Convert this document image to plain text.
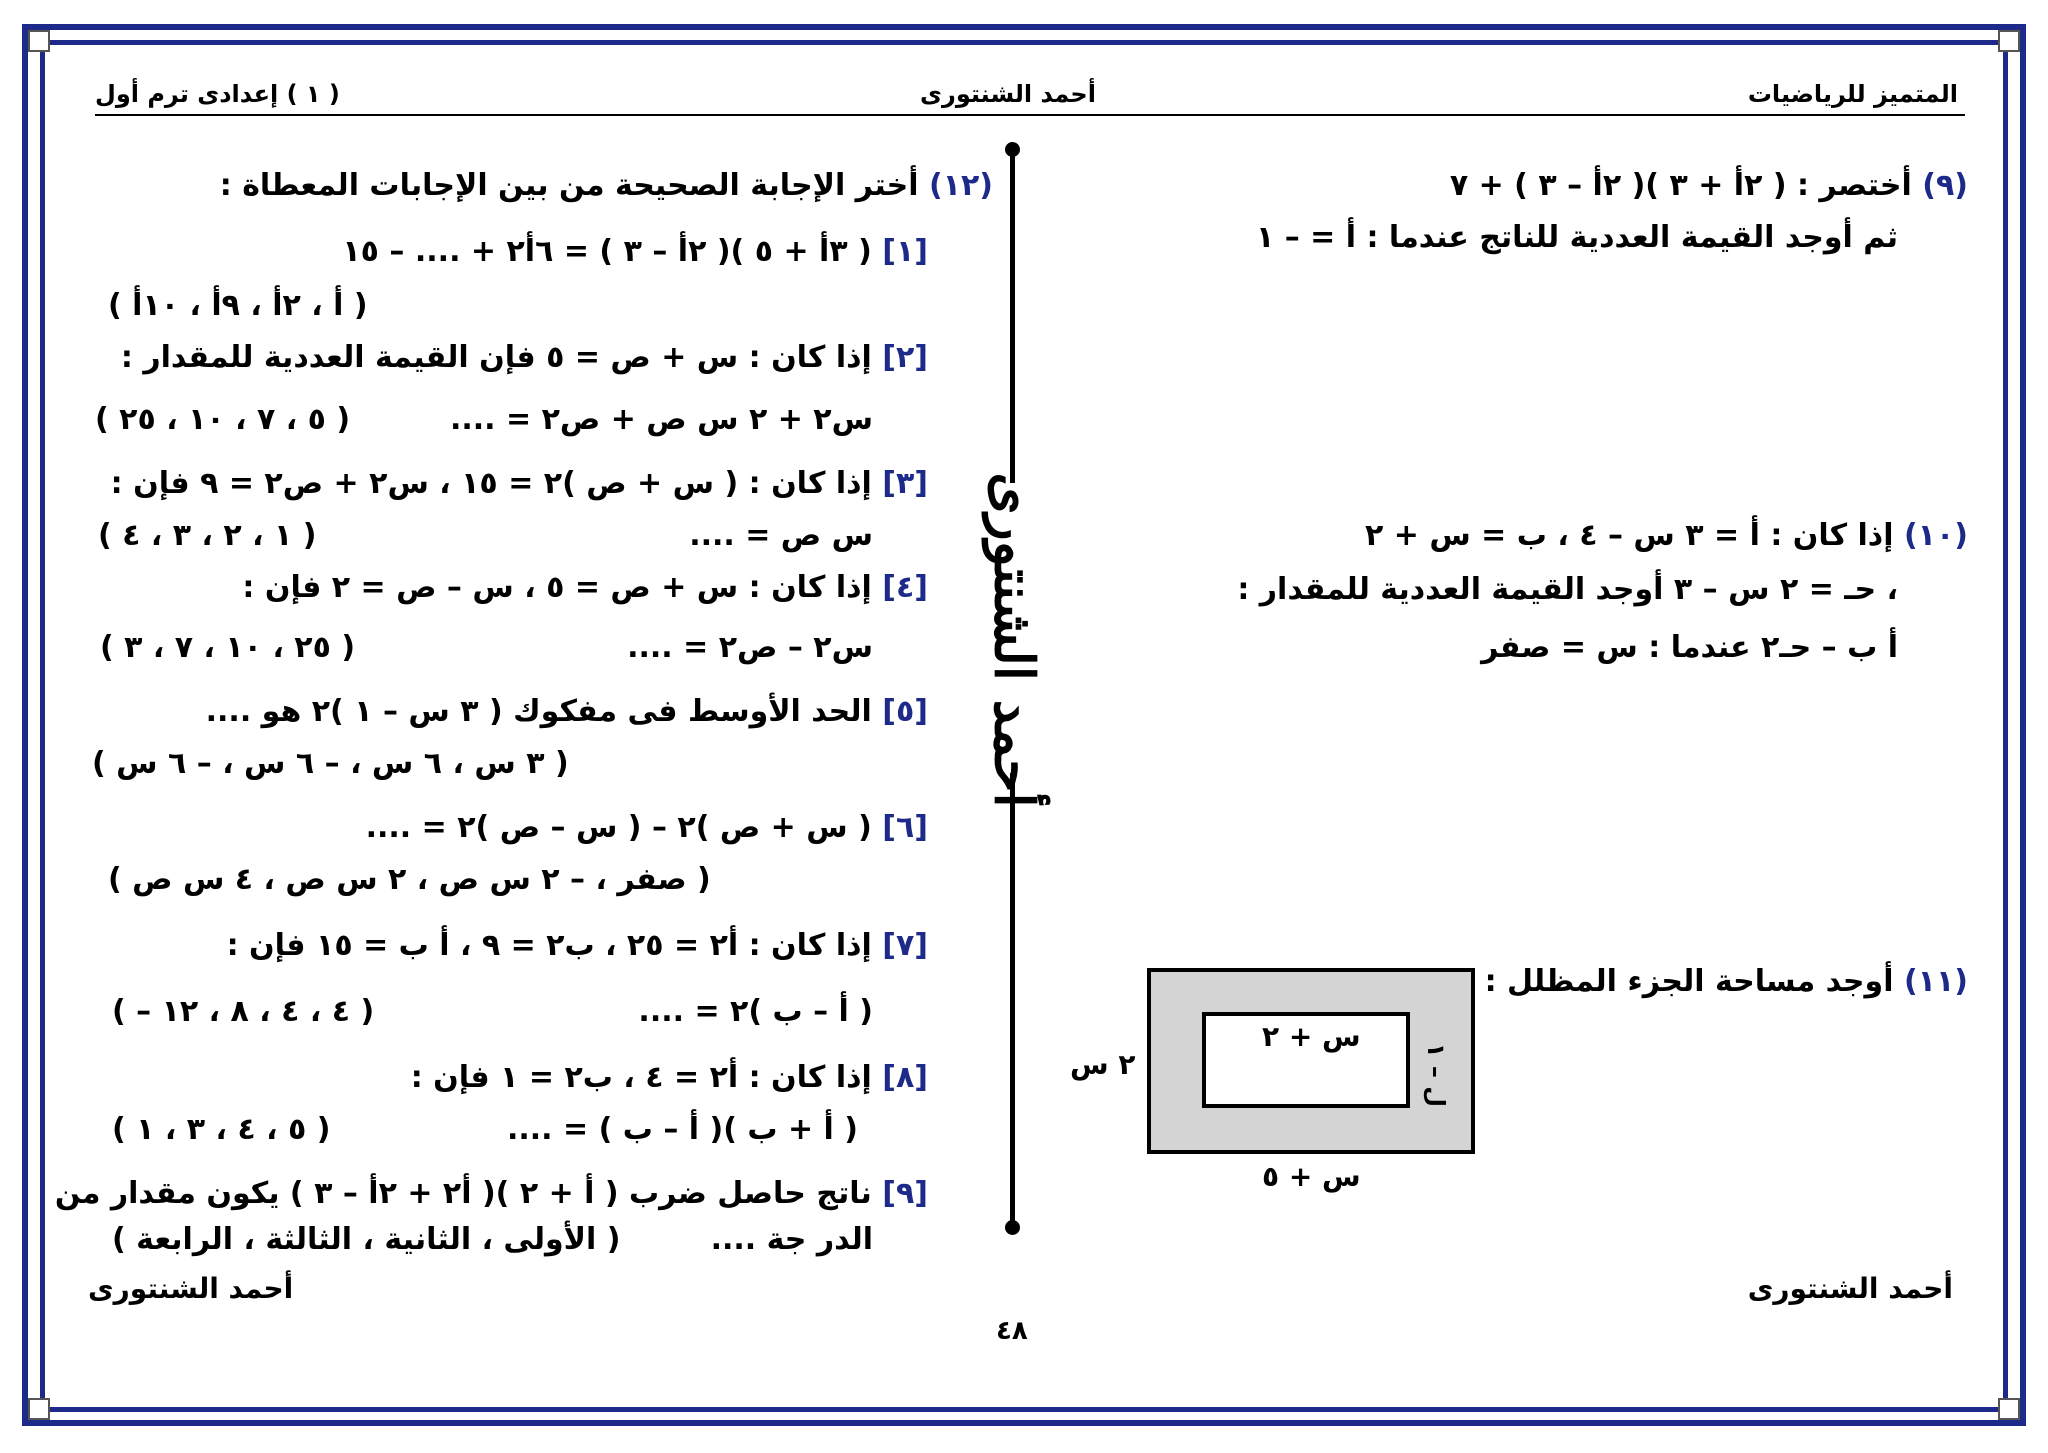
( ١ ) إعدادى ترم أول	أحمد الشنتورى	المتميز للرياضيات
(٩) أختصر : ( ٢أ + ٣ )( ٢أ – ٣ ) + ٧
ثم أوجد القيمة العددية للناتج عندما : أ = – ١
(١٠) إذا كان : أ = ٣ س – ٤ ، ب = س + ٢
، حـ = ٢ س – ٣ أوجد القيمة العددية للمقدار :
أ ب – حـ٢ عندما : س = صفر
(١١) أوجد مساحة الجزء المظلل :
س + ٢
٢ س
س + ٥
ل – ١
أحمد الشنتورى
(١٢) أختر الإجابة الصحيحة من بين الإجابات المعطاة :
[١] ( ٣أ + ٥ )( ٢أ – ٣ ) = ٦أ٢ + .... – ١٥
( أ ، ٢أ ، ٩أ ، ١٠أ )
[٢] إذا كان : س + ص = ٥ فإن القيمة العددية للمقدار :
س٢ + ٢ س ص + ص٢ = ....
( ٥ ، ٧ ، ١٠ ، ٢٥ )
[٣] إذا كان : ( س + ص )٢ = ١٥ ، س٢ + ص٢ = ٩ فإن :
س ص = ....
( ١ ، ٢ ، ٣ ، ٤ )
[٤] إذا كان : س + ص = ٥ ، س – ص = ٢ فإن :
س٢ – ص٢ = ....
( ٢٥ ، ١٠ ، ٧ ، ٣ )
[٥] الحد الأوسط فى مفكوك ( ٣ س – ١ )٢ هو ....
( ٣ س ، ٦ س ، – ٦ س ، – ٦ س )
[٦] ( س + ص )٢ – ( س – ص )٢ = ....
( صفر ، – ٢ س ص ، ٢ س ص ، ٤ س ص )
[٧] إذا كان : أ٢ = ٢٥ ، ب٢ = ٩ ، أ ب = ١٥ فإن :
( أ – ب )٢ = ....
( – ٤ ، ٤ ، ٨ ، ١٢ )
[٨] إذا كان : أ٢ = ٤ ، ب٢ = ١ فإن :
( أ + ب )( أ – ب ) = ....
( ٥ ، ٤ ، ٣ ، ١ )
[٩] ناتج حاصل ضرب ( أ + ٢ )( أ٢ + ٢أ – ٣ ) يكون مقدار من
الدر جة ....
( الأولى ، الثانية ، الثالثة ، الرابعة )
أحمد الشنتورى	أحمد الشنتورى
٤٨
